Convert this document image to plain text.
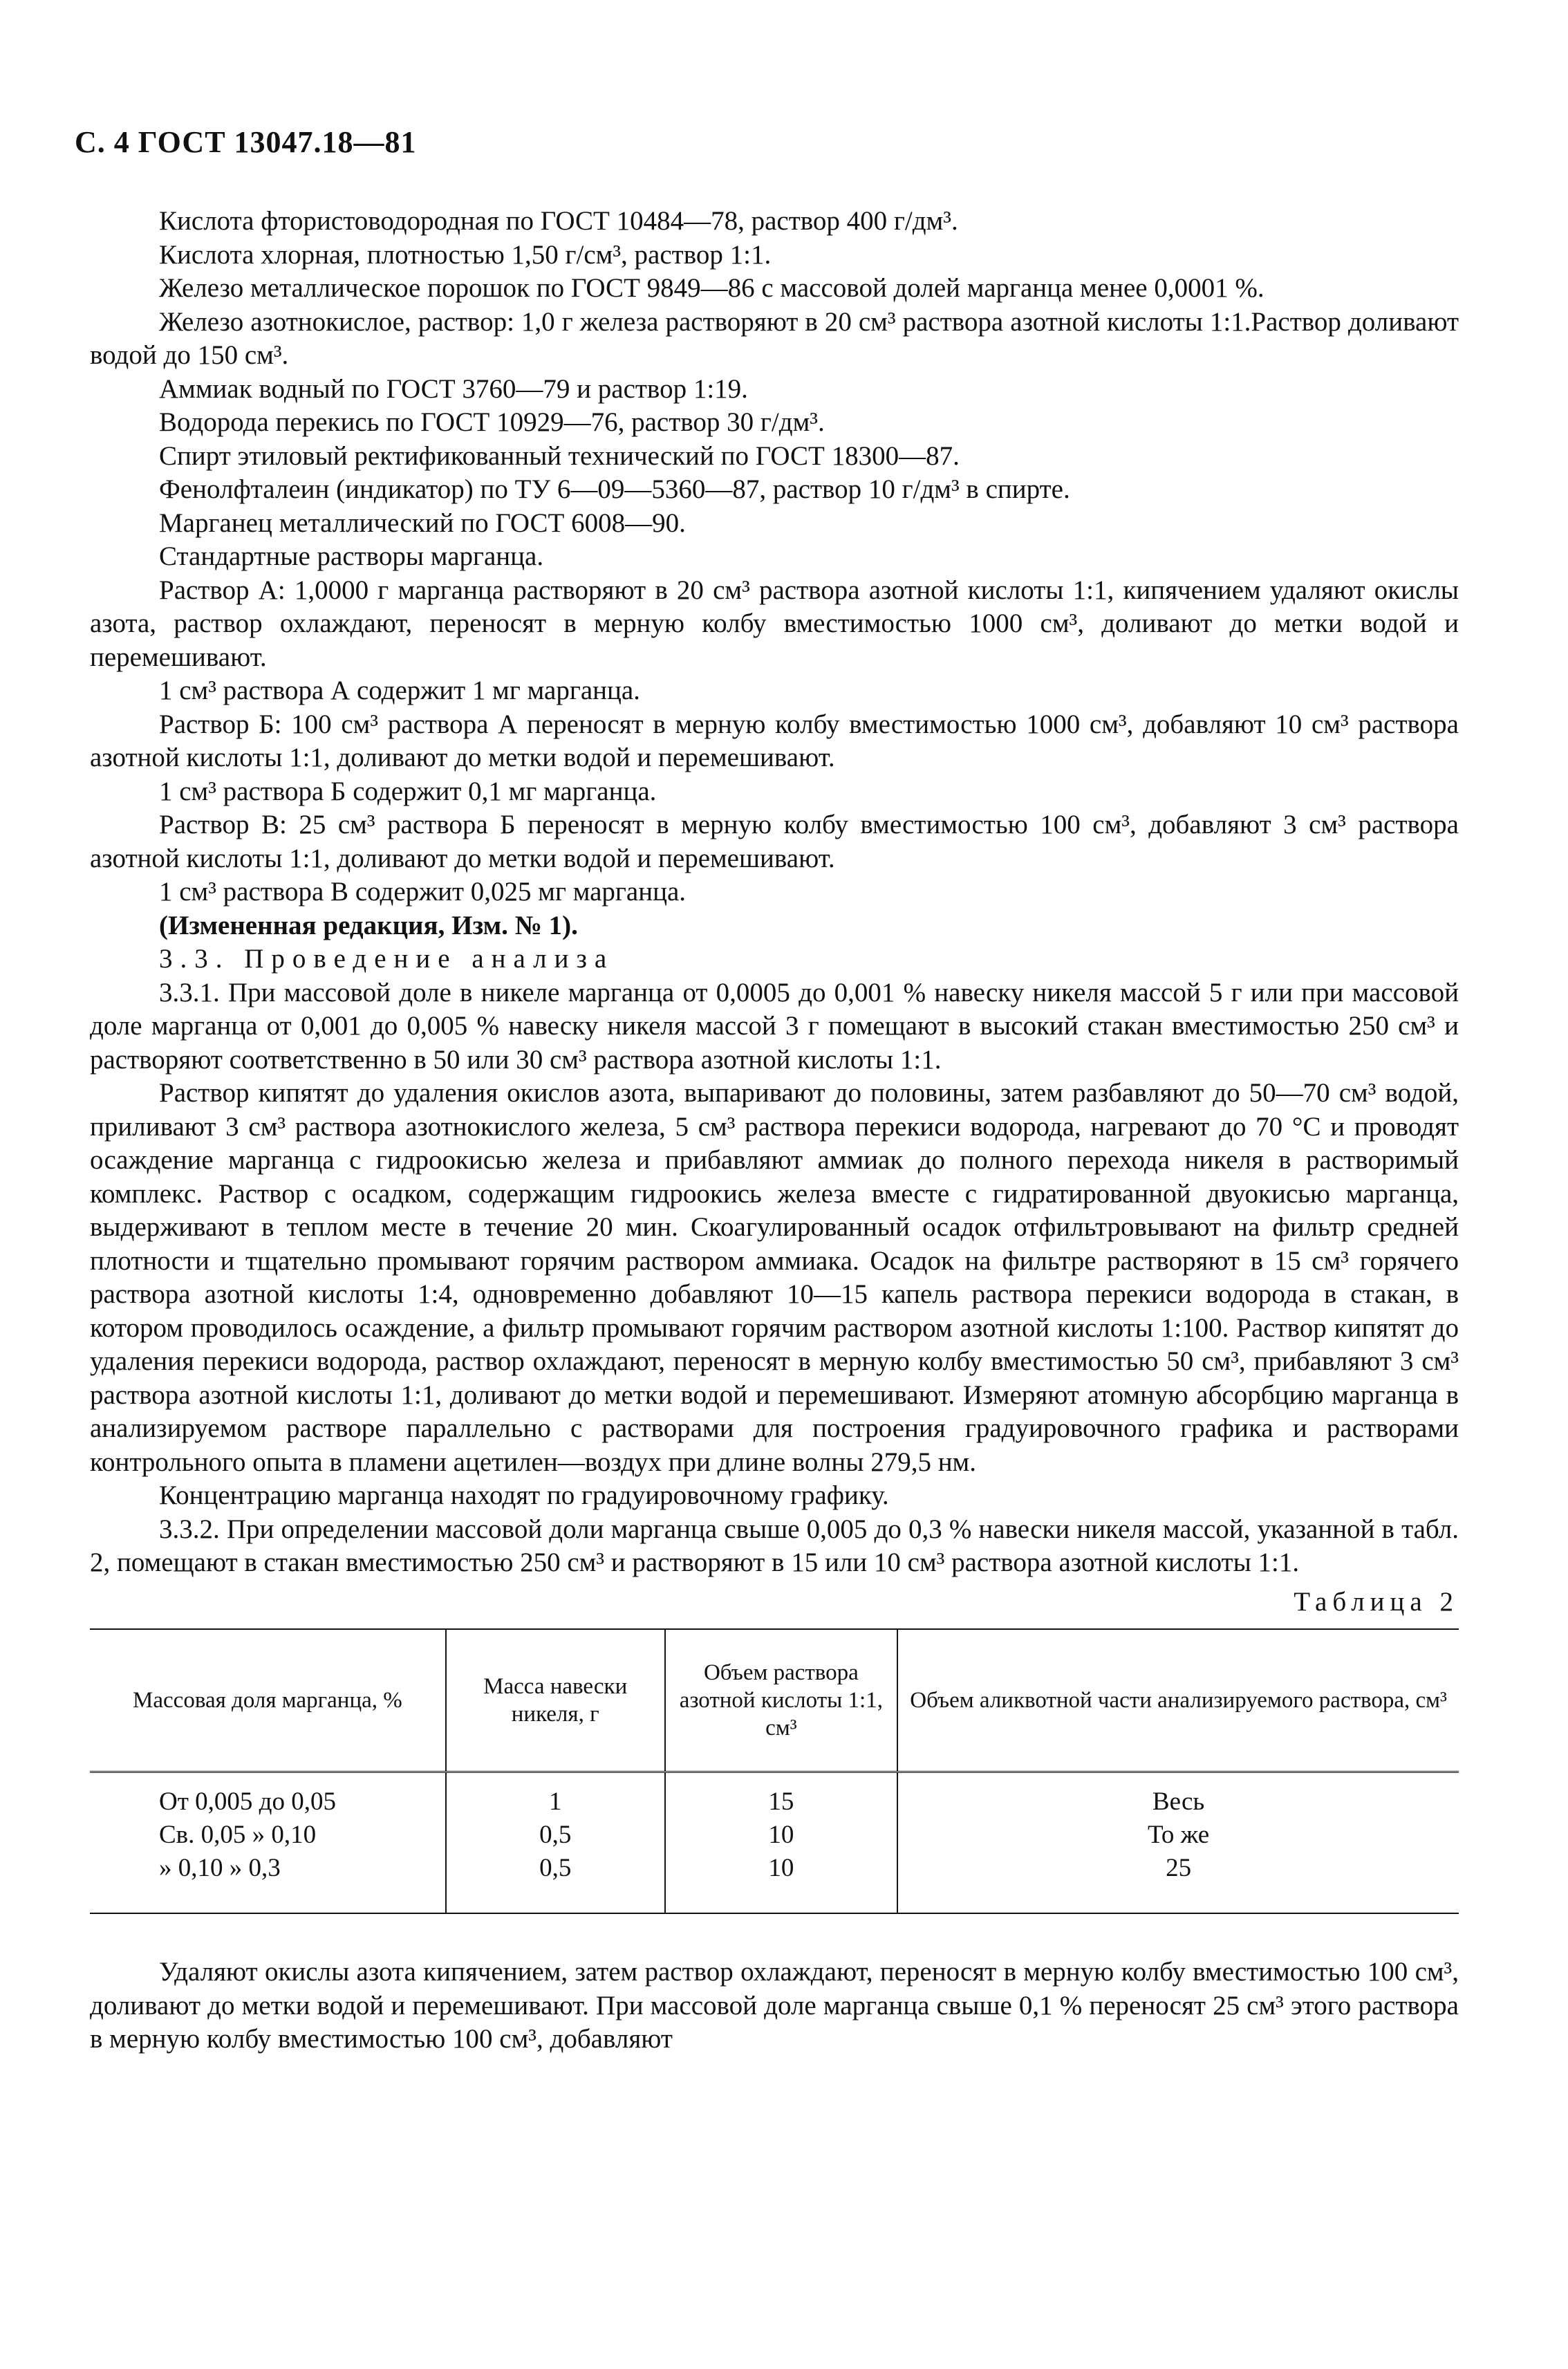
С. 4 ГОСТ 13047.18—81

Кислота фтористоводородная по ГОСТ 10484—78, раствор 400 г/дм³.

Кислота хлорная, плотностью 1,50 г/см³, раствор 1:1.

Железо металлическое порошок по ГОСТ 9849—86 с массовой долей марганца менее 0,0001 %.

Железо азотнокислое, раствор: 1,0 г железа растворяют в 20 см³ раствора азотной кислоты 1:1.Раствор доливают водой до 150 см³.

Аммиак водный по ГОСТ 3760—79 и раствор 1:19.

Водорода перекись по ГОСТ 10929—76, раствор 30 г/дм³.

Спирт этиловый ректификованный технический по ГОСТ 18300—87.

Фенолфталеин (индикатор) по ТУ 6—09—5360—87, раствор 10 г/дм³ в спирте.

Марганец металлический по ГОСТ 6008—90.

Стандартные растворы марганца.

Раствор А: 1,0000 г марганца растворяют в 20 см³ раствора азотной кислоты 1:1, кипячением удаляют окислы азота, раствор охлаждают, переносят в мерную колбу вместимостью 1000 см³, доливают до метки водой и перемешивают.

1 см³ раствора А содержит 1 мг марганца.

Раствор Б: 100 см³ раствора А переносят в мерную колбу вместимостью 1000 см³, добавляют 10 см³ раствора азотной кислоты 1:1, доливают до метки водой и перемешивают.

1 см³ раствора Б содержит 0,1 мг марганца.

Раствор В: 25 см³ раствора Б переносят в мерную колбу вместимостью 100 см³, добавляют 3 см³ раствора азотной кислоты 1:1, доливают до метки водой и перемешивают.

1 см³ раствора В содержит 0,025 мг марганца.

(Измененная редакция, Изм. № 1).

3.3. Проведение анализа

3.3.1. При массовой доле в никеле марганца от 0,0005 до 0,001 % навеску никеля массой 5 г или при массовой доле марганца от 0,001 до 0,005 % навеску никеля массой 3 г помещают в высокий стакан вместимостью 250 см³ и растворяют соответственно в 50 или 30 см³ раствора азотной кислоты 1:1.

Раствор кипятят до удаления окислов азота, выпаривают до половины, затем разбавляют до 50—70 см³ водой, приливают 3 см³ раствора азотнокислого железа, 5 см³ раствора перекиси водорода, нагревают до 70 °С и проводят осаждение марганца с гидроокисью железа и прибавляют аммиак до полного перехода никеля в растворимый комплекс. Раствор с осадком, содержащим гидроокись железа вместе с гидратированной двуокисью марганца, выдерживают в теплом месте в течение 20 мин. Скоагулированный осадок отфильтровывают на фильтр средней плотности и тщательно промывают горячим раствором аммиака. Осадок на фильтре растворяют в 15 см³ горячего раствора азотной кислоты 1:4, одновременно добавляют 10—15 капель раствора перекиси водорода в стакан, в котором проводилось осаждение, а фильтр промывают горячим раствором азотной кислоты 1:100. Раствор кипятят до удаления перекиси водорода, раствор охлаждают, переносят в мерную колбу вместимостью 50 см³, прибавляют 3 см³ раствора азотной кислоты 1:1, доливают до метки водой и перемешивают. Измеряют атомную абсорбцию марганца в анализируемом растворе параллельно с растворами для построения градуировочного графика и растворами контрольного опыта в пламени ацетилен—воздух при длине волны 279,5 нм.

Концентрацию марганца находят по градуировочному графику.

3.3.2. При определении массовой доли марганца свыше 0,005 до 0,3 % навески никеля массой, указанной в табл. 2, помещают в стакан вместимостью 250 см³ и растворяют в 15 или 10 см³ раствора азотной кислоты 1:1.

Таблица 2

Массовая доля марганца, %	Масса навески никеля, г	Объем раствора азотной кислоты 1:1, см³	Объем аликвотной части анализируемого раствора, см³
От 0,005 до 0,05	1	15	Весь
Св. 0,05 » 0,10	0,5	10	То же
» 0,10 » 0,3	0,5	10	25

Удаляют окислы азота кипячением, затем раствор охлаждают, переносят в мерную колбу вместимостью 100 см³, доливают до метки водой и перемешивают. При массовой доле марганца свыше 0,1 % переносят 25 см³ этого раствора в мерную колбу вместимостью 100 см³, добавляют
